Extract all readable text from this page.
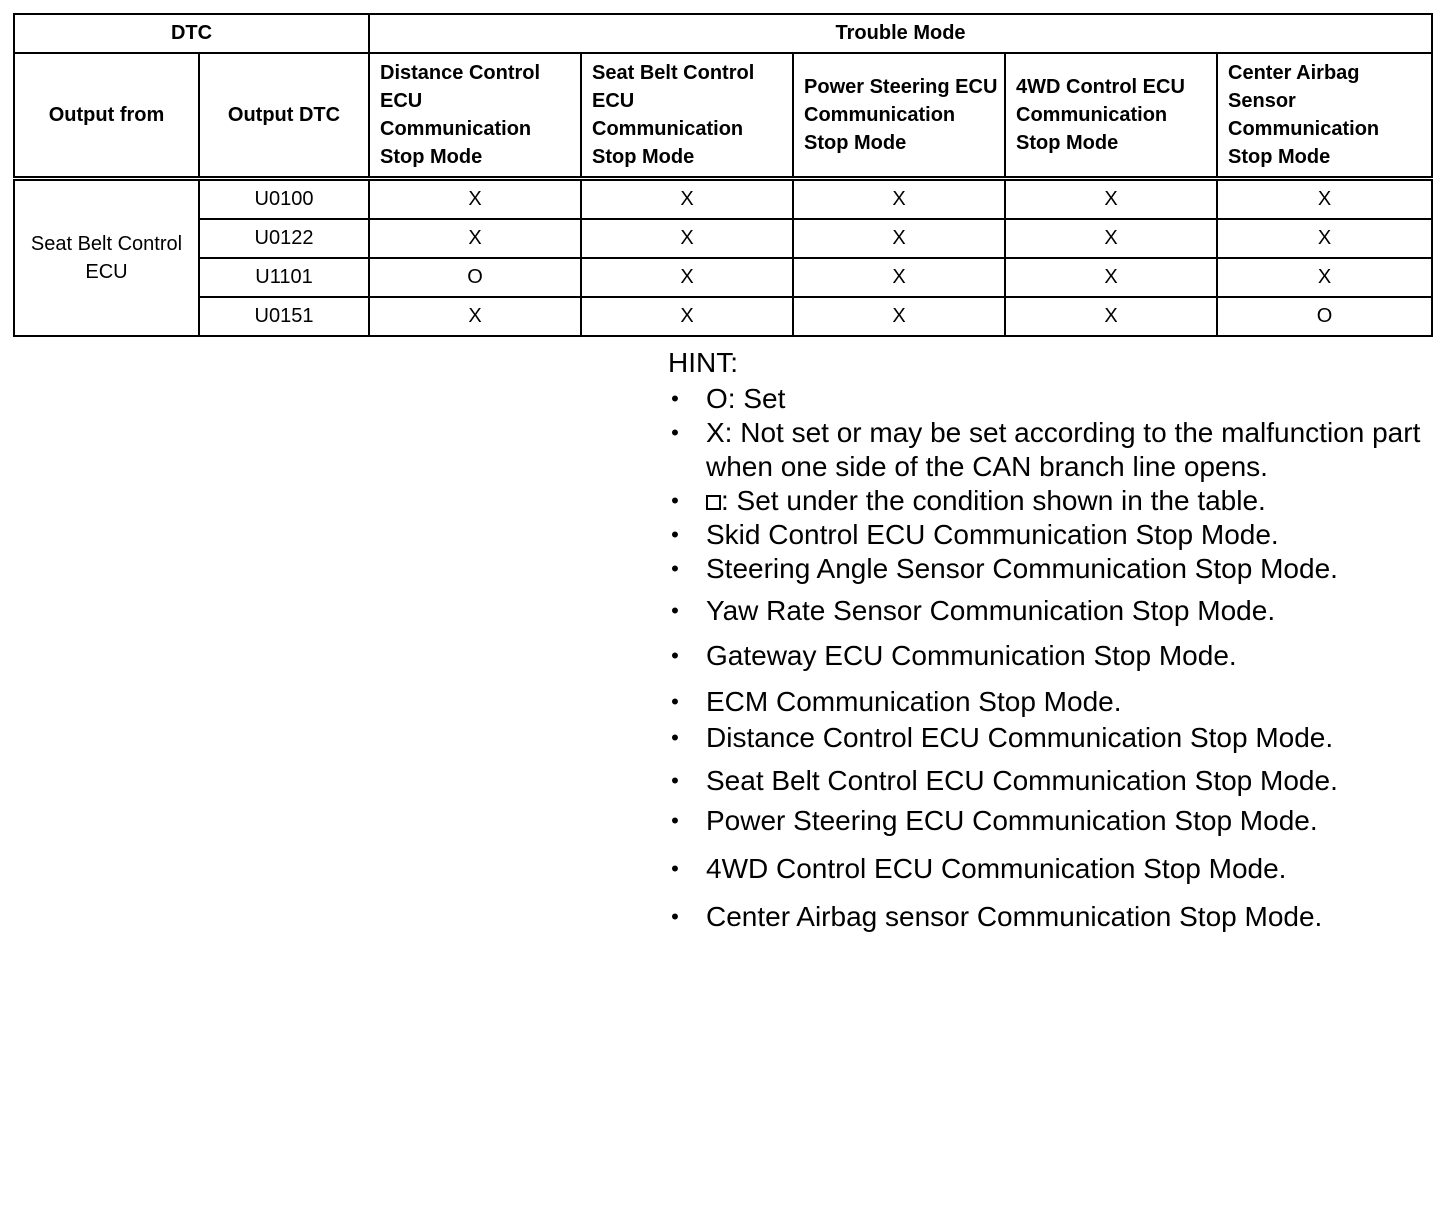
DTC		Trouble Mode				
Output from	Output DTC	Distance Control ECU Communication Stop Mode	Seat Belt Control ECU Communication Stop Mode	Power Steering ECU Communication Stop Mode	4WD Control ECU Communication Stop Mode	Center Airbag Sensor Communication Stop Mode
Seat Belt Control ECU	U0100	X	X	X	X	X
	U0122	X	X	X	X	X
	U1101	O	X	X	X	X
	U0151	X	X	X	X	O
HINT:
• O: Set
• X: Not set or may be set according to the malfunction part when one side of the CAN branch line opens.
• : Set under the condition shown in the table.
• Skid Control ECU Communication Stop Mode.
• Steering Angle Sensor Communication Stop Mode.
• Yaw Rate Sensor Communication Stop Mode.
• Gateway ECU Communication Stop Mode.
• ECM Communication Stop Mode.
• Distance Control ECU Communication Stop Mode.
• Seat Belt Control ECU Communication Stop Mode.
• Power Steering ECU Communication Stop Mode.
• 4WD Control ECU Communication Stop Mode.
• Center Airbag sensor Communication Stop Mode.
